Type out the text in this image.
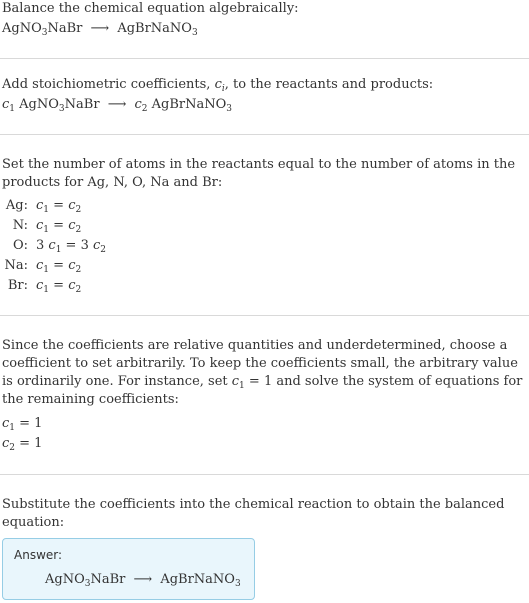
Balance the chemical equation algebraically:
AgNO$_3$NaBr ⟶ AgBrNaNO$_3$
Add stoichiometric coefficients, $c_i$, to the reactants and products:
$c_1$ AgNO$_3$NaBr ⟶ $c_2$ AgBrNaNO$_3$
Set the number of atoms in the reactants equal to the number of atoms in the products for Ag, N, O, Na and Br:
Ag: $c_1 = c_2$
N: $c_1 = c_2$
O: 3 $c_1 = 3$ $c_2$
Na: $c_1 = c_2$
Br: $c_1 = c_2$
Since the coefficients are relative quantities and underdetermined, choose a coefficient to set arbitrarily. To keep the coefficients small, the arbitrary value is ordinarily one. For instance, set $c_1 = 1$ and solve the system of equations for the remaining coefficients:
$c_1 = 1$
$c_2 = 1$
Substitute the coefficients into the chemical reaction to obtain the balanced equation:
Answer:
AgNO$_3$NaBr ⟶ AgBrNaNO$_3$
